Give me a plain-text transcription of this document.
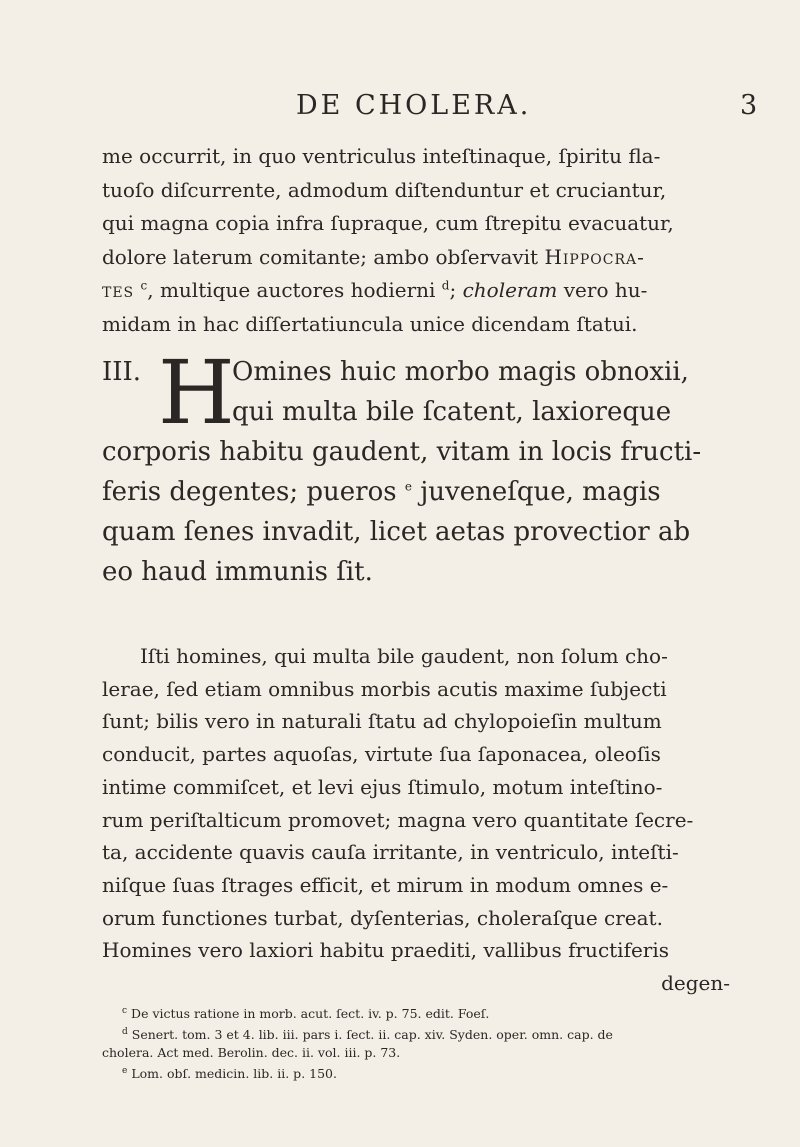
DE CHOLERA.	3
me occurrit, in quo ventriculus inteſtinaque, ſpiritu fla-
tuoſo diſcurrente, admodum diſtenduntur et cruciantur,
qui magna copia infra ſupraque, cum ſtrepitu evacuatur,
dolore laterum comitante; ambo obſervavit Hippocra-
tes $^c$, multique auctores hodierni $^d$; choleram vero hu-
midam in hac diſſertatiuncula unice dicendam ſtatui.
III. H
Omines huic morbo magis obnoxii,
qui multa bile ſcatent, laxioreque
corporis habitu gaudent, vitam in locis fructi-
feris degentes; pueros $^e$ juveneſque, magis
quam ſenes invadit, licet aetas provectior ab
eo haud immunis ſit.
Iſti homines, qui multa bile gaudent, non ſolum cho-
lerae, ſed etiam omnibus morbis acutis maxime ſubjecti
ſunt; bilis vero in naturali ſtatu ad chylopoieſin multum
conducit, partes aquoſas, virtute ſua ſaponacea, oleoſis
intime commiſcet, et levi ejus ſtimulo, motum inteſtino-
rum periſtalticum promovet; magna vero quantitate ſecre-
ta, accidente quavis cauſa irritante, in ventriculo, inteſti-
niſque ſuas ſtrages efficit, et mirum in modum omnes e-
orum functiones turbat, dyſenterias, choleraſque creat.
Homines vero laxiori habitu praediti, vallibus fructiferis
degen-
$^c$ De victus ratione in morb. acut. ſect. iv. p. 75. edit. Foeſ.
$^d$ Senert. tom. 3 et 4. lib. iii. pars i. ſect. ii. cap. xiv. Syden. oper. omn. cap. de
cholera. Act med. Berolin. dec. ii. vol. iii. p. 73.
$^e$ Lom. obſ. medicin. lib. ii. p. 150.
